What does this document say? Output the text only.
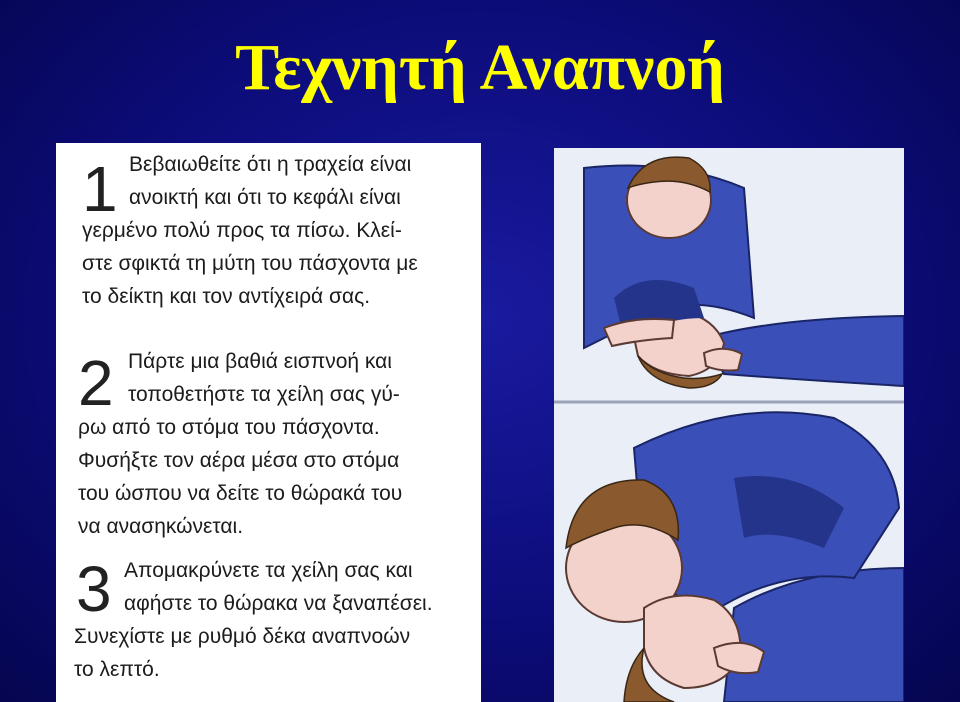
Τεχνητή Αναπνοή
1 Βεβαιωθείτε ότι η τραχεία είναι
ανοικτή και ότι το κεφάλι είναι
γερμένο πολύ προς τα πίσω. Κλεί-
στε σφικτά τη μύτη του πάσχοντα με
το δείκτη και τον αντίχειρά σας.
2 Πάρτε μια βαθιά εισπνοή και
τοποθετήστε τα χείλη σας γύ-
ρω από το στόμα του πάσχοντα.
Φυσήξτε τον αέρα μέσα στο στόμα
του ώσπου να δείτε το θώρακά του
να ανασηκώνεται.
3 Απομακρύνετε τα χείλη σας και
αφήστε το θώρακα να ξαναπέσει.
Συνεχίστε με ρυθμό δέκα αναπνοών
το λεπτό.
